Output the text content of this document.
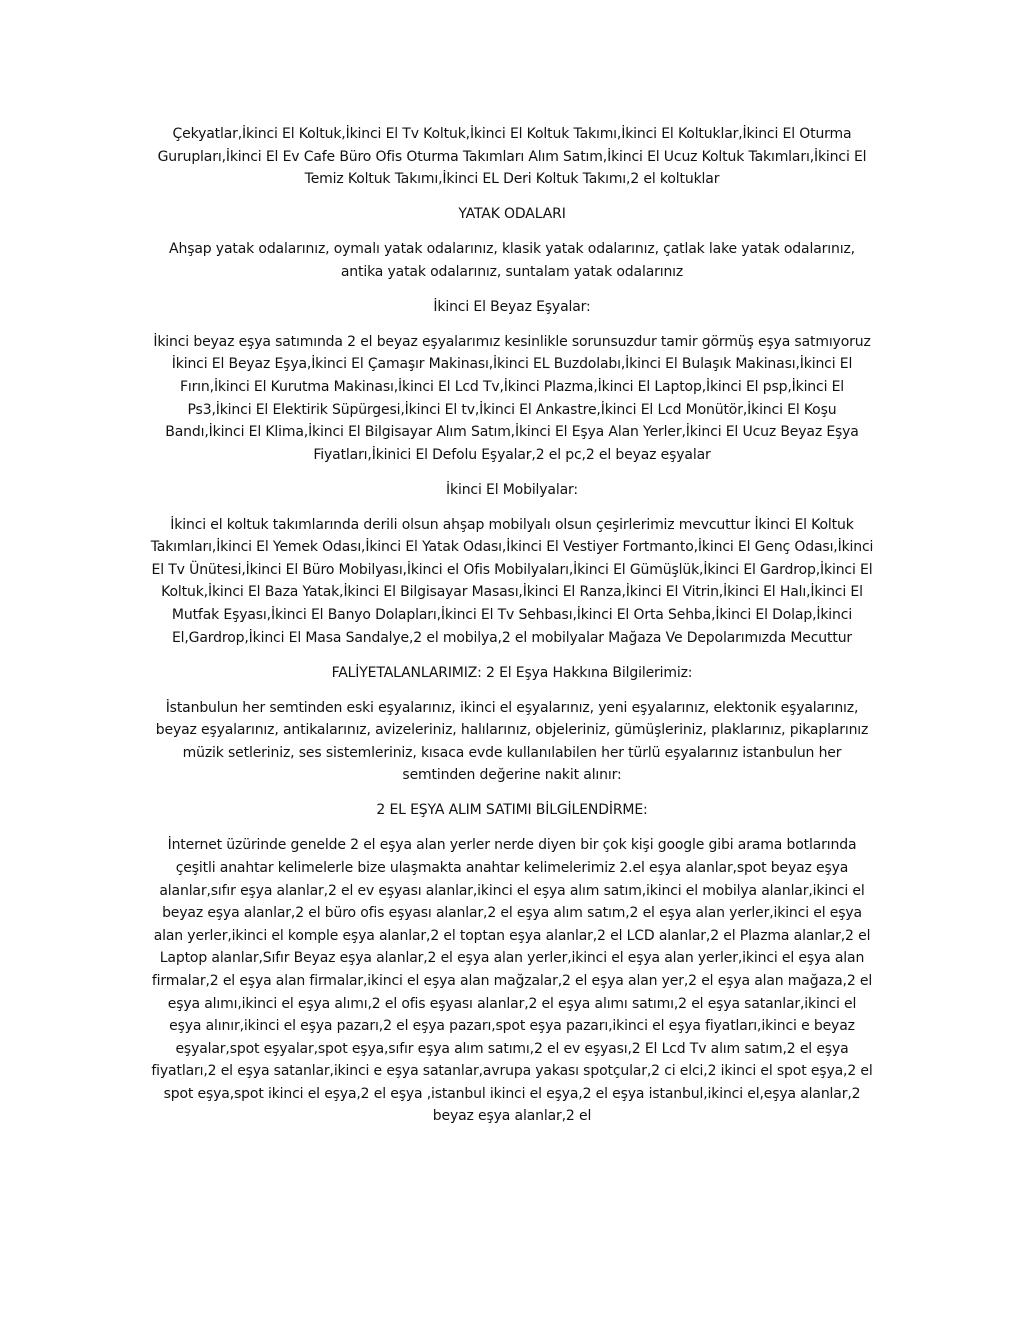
Çekyatlar,İkinci El Koltuk,İkinci El Tv Koltuk,İkinci El Koltuk Takımı,İkinci El Koltuklar,İkinci El Oturma Gurupları,İkinci El Ev Cafe Büro Ofis Oturma Takımları Alım Satım,İkinci El Ucuz Koltuk Takımları,İkinci El Temiz Koltuk Takımı,İkinci EL Deri Koltuk Takımı,2 el koltuklar

YATAK ODALARI

Ahşap yatak odalarınız, oymalı yatak odalarınız, klasik yatak odalarınız, çatlak lake yatak odalarınız, antika yatak odalarınız, suntalam yatak odalarınız

İkinci El Beyaz Eşyalar:

İkinci beyaz eşya satımında 2 el beyaz eşyalarımız kesinlikle sorunsuzdur tamir görmüş eşya satmıyoruz İkinci El Beyaz Eşya,İkinci El Çamaşır Makinası,İkinci EL Buzdolabı,İkinci El Bulaşık Makinası,İkinci El Fırın,İkinci El Kurutma Makinası,İkinci El Lcd Tv,İkinci Plazma,İkinci El Laptop,İkinci El psp,İkinci El Ps3,İkinci El Elektirik Süpürgesi,İkinci El tv,İkinci El Ankastre,İkinci El Lcd Monütör,İkinci El Koşu Bandı,İkinci El Klima,İkinci El Bilgisayar Alım Satım,İkinci El Eşya Alan Yerler,İkinci El Ucuz Beyaz Eşya Fiyatları,İkinici El Defolu Eşyalar,2 el pc,2 el beyaz eşyalar

İkinci El Mobilyalar:

İkinci el koltuk takımlarında derili olsun ahşap mobilyalı olsun çeşirlerimiz mevcuttur İkinci El Koltuk Takımları,İkinci El Yemek Odası,İkinci El Yatak Odası,İkinci El Vestiyer Fortmanto,İkinci El Genç Odası,İkinci El Tv Ünütesi,İkinci El Büro Mobilyası,İkinci el Ofis Mobilyaları,İkinci El Gümüşlük,İkinci El Gardrop,İkinci El Koltuk,İkinci El Baza Yatak,İkinci El Bilgisayar Masası,İkinci El Ranza,İkinci El Vitrin,İkinci El Halı,İkinci El Mutfak Eşyası,İkinci El Banyo Dolapları,İkinci El Tv Sehbası,İkinci El Orta Sehba,İkinci El Dolap,İkinci El,Gardrop,İkinci El Masa Sandalye,2 el mobilya,2 el mobilyalar Mağaza Ve Depolarımızda Mecuttur

FALİYETALANLARIMIZ: 2 El Eşya Hakkına Bilgilerimiz:

İstanbulun her semtinden eski eşyalarınız, ikinci el eşyalarınız, yeni eşyalarınız, elektonik eşyalarınız, beyaz eşyalarınız, antikalarınız, avizeleriniz, halılarınız, objeleriniz, gümüşleriniz, plaklarınız, pikaplarınız müzik setleriniz, ses sistemleriniz, kısaca evde kullanılabilen her türlü eşyalarınız istanbulun her semtinden değerine nakit alınır:

2 EL EŞYA ALIM SATIMI BİLGİLENDİRME:

İnternet üzürinde genelde 2 el eşya alan yerler nerde diyen bir çok kişi google gibi arama botlarında çeşitli anahtar kelimelerle bize ulaşmakta anahtar kelimelerimiz 2.el eşya alanlar,spot beyaz eşya alanlar,sıfır eşya alanlar,2 el ev eşyası alanlar,ikinci el eşya alım satım,ikinci el mobilya alanlar,ikinci el beyaz eşya alanlar,2 el büro ofis eşyası alanlar,2 el eşya alım satım,2 el eşya alan yerler,ikinci el eşya alan yerler,ikinci el komple eşya alanlar,2 el toptan eşya alanlar,2 el LCD alanlar,2 el Plazma alanlar,2 el Laptop alanlar,Sıfır Beyaz eşya alanlar,2 el eşya alan yerler,ikinci el eşya alan yerler,ikinci el eşya alan firmalar,2 el eşya alan firmalar,ikinci el eşya alan mağzalar,2 el eşya alan yer,2 el eşya alan mağaza,2 el eşya alımı,ikinci el eşya alımı,2 el ofis eşyası alanlar,2 el eşya alımı satımı,2 el eşya satanlar,ikinci el eşya alınır,ikinci el eşya pazarı,2 el eşya pazarı,spot eşya pazarı,ikinci el eşya fiyatları,ikinci e beyaz eşyalar,spot eşyalar,spot eşya,sıfır eşya alım satımı,2 el ev eşyası,2 El Lcd Tv alım satım,2 el eşya fiyatları,2 el eşya satanlar,ikinci e eşya satanlar,avrupa yakası spotçular,2 ci elci,2 ikinci el spot eşya,2 el spot eşya,spot ikinci el eşya,2 el eşya ,istanbul ikinci el eşya,2 el eşya istanbul,ikinci el,eşya alanlar,2 beyaz eşya alanlar,2 el
